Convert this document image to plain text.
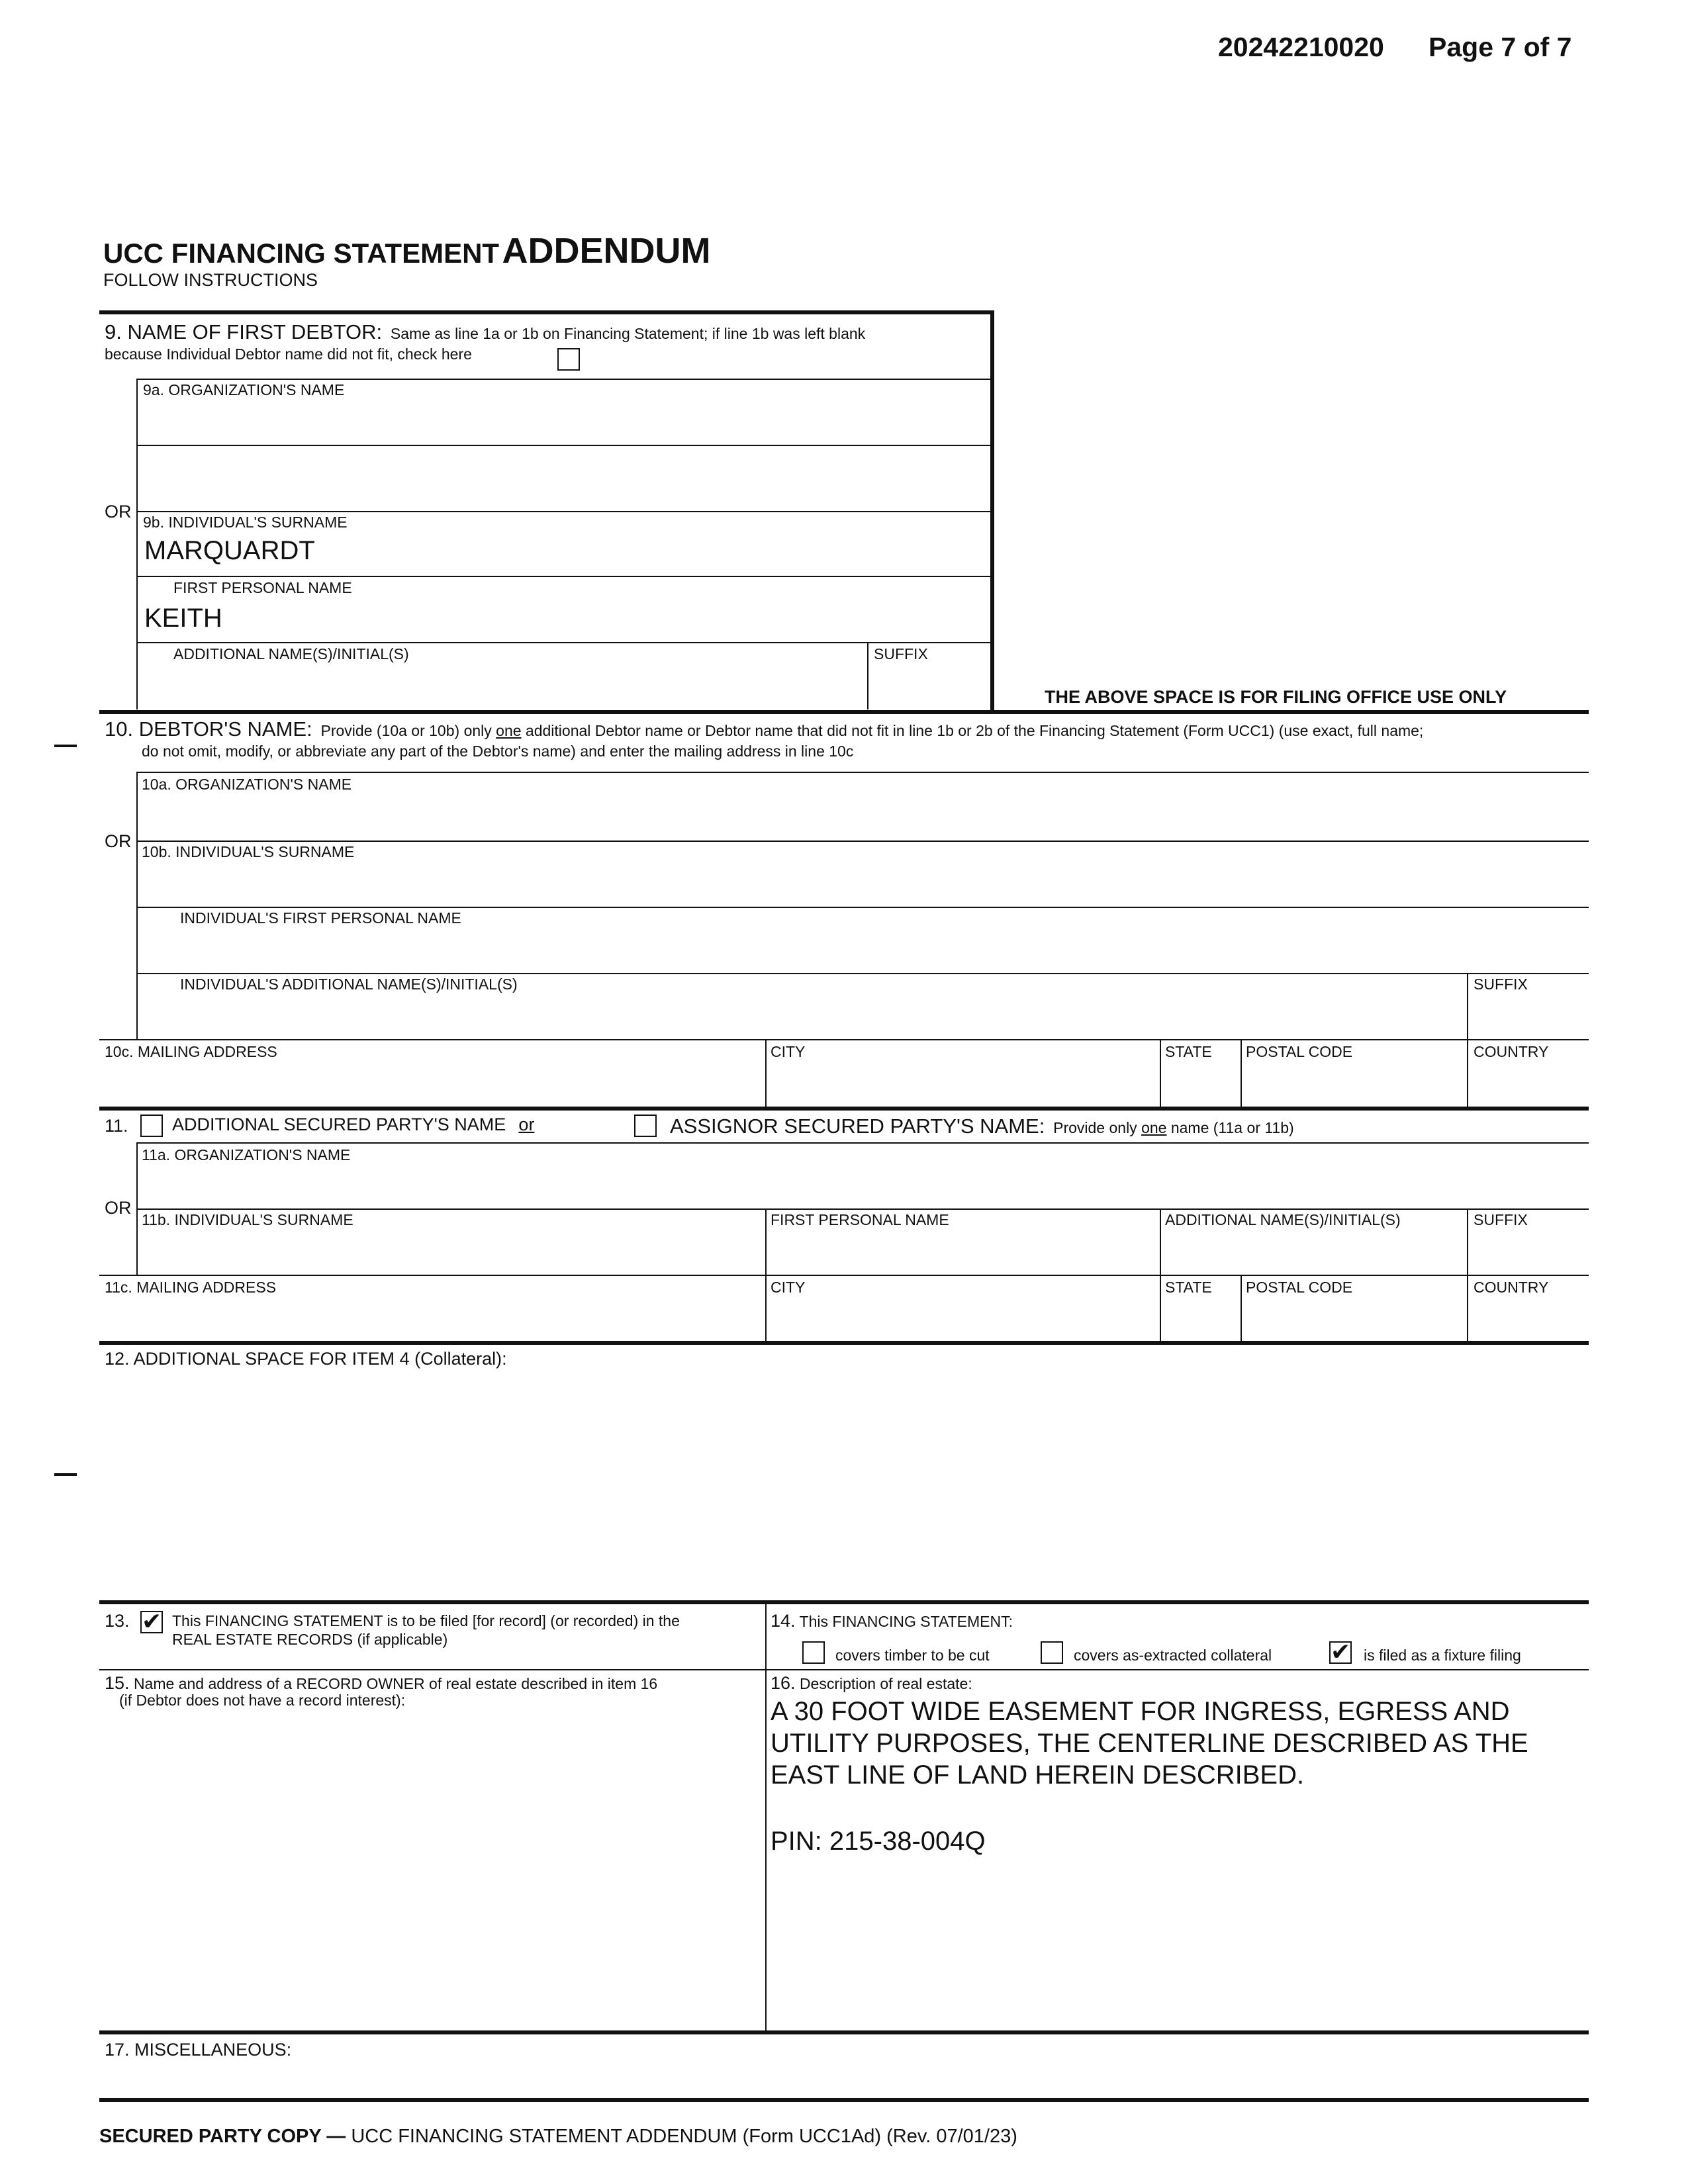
20242210020 Page 7 of 7
UCC FINANCING STATEMENT ADDENDUM
FOLLOW INSTRUCTIONS
9. NAME OF FIRST DEBTOR: Same as line 1a or 1b on Financing Statement; if line 1b was left blank
because Individual Debtor name did not fit, check here
9a. ORGANIZATION'S NAME
OR
9b. INDIVIDUAL'S SURNAME
MARQUARDT
FIRST PERSONAL NAME
KEITH
ADDITIONAL NAME(S)/INITIAL(S)	SUFFIX
THE ABOVE SPACE IS FOR FILING OFFICE USE ONLY
10. DEBTOR'S NAME: Provide (10a or 10b) only one additional Debtor name or Debtor name that did not fit in line 1b or 2b of the Financing Statement (Form UCC1) (use exact, full name;
do not omit, modify, or abbreviate any part of the Debtor's name) and enter the mailing address in line 10c
10a. ORGANIZATION'S NAME
OR
10b. INDIVIDUAL'S SURNAME
INDIVIDUAL'S FIRST PERSONAL NAME
INDIVIDUAL'S ADDITIONAL NAME(S)/INITIAL(S)	SUFFIX
10c. MAILING ADDRESS	CITY	STATE POSTAL CODE	COUNTRY
11. ADDITIONAL SECURED PARTY'S NAME or	ASSIGNOR SECURED PARTY'S NAME: Provide only one name (11a or 11b)
11a. ORGANIZATION'S NAME
OR
11b. INDIVIDUAL'S SURNAME	FIRST PERSONAL NAME	ADDITIONAL NAME(S)/INITIAL(S)	SUFFIX
11c. MAILING ADDRESS	CITY	STATE POSTAL CODE	COUNTRY
12. ADDITIONAL SPACE FOR ITEM 4 (Collateral):
13. ✔ This FINANCING STATEMENT is to be filed [for record] (or recorded) in the
REAL ESTATE RECORDS (if applicable)
14. This FINANCING STATEMENT:
covers timber to be cut	covers as-extracted collateral ✔ is filed as a fixture filing
15. Name and address of a RECORD OWNER of real estate described in item 16
(if Debtor does not have a record interest):
16. Description of real estate:
A 30 FOOT WIDE EASEMENT FOR INGRESS, EGRESS AND
UTILITY PURPOSES, THE CENTERLINE DESCRIBED AS THE
EAST LINE OF LAND HEREIN DESCRIBED.
PIN: 215-38-004Q
17. MISCELLANEOUS:
SECURED PARTY COPY — UCC FINANCING STATEMENT ADDENDUM (Form UCC1Ad) (Rev. 07/01/23)
